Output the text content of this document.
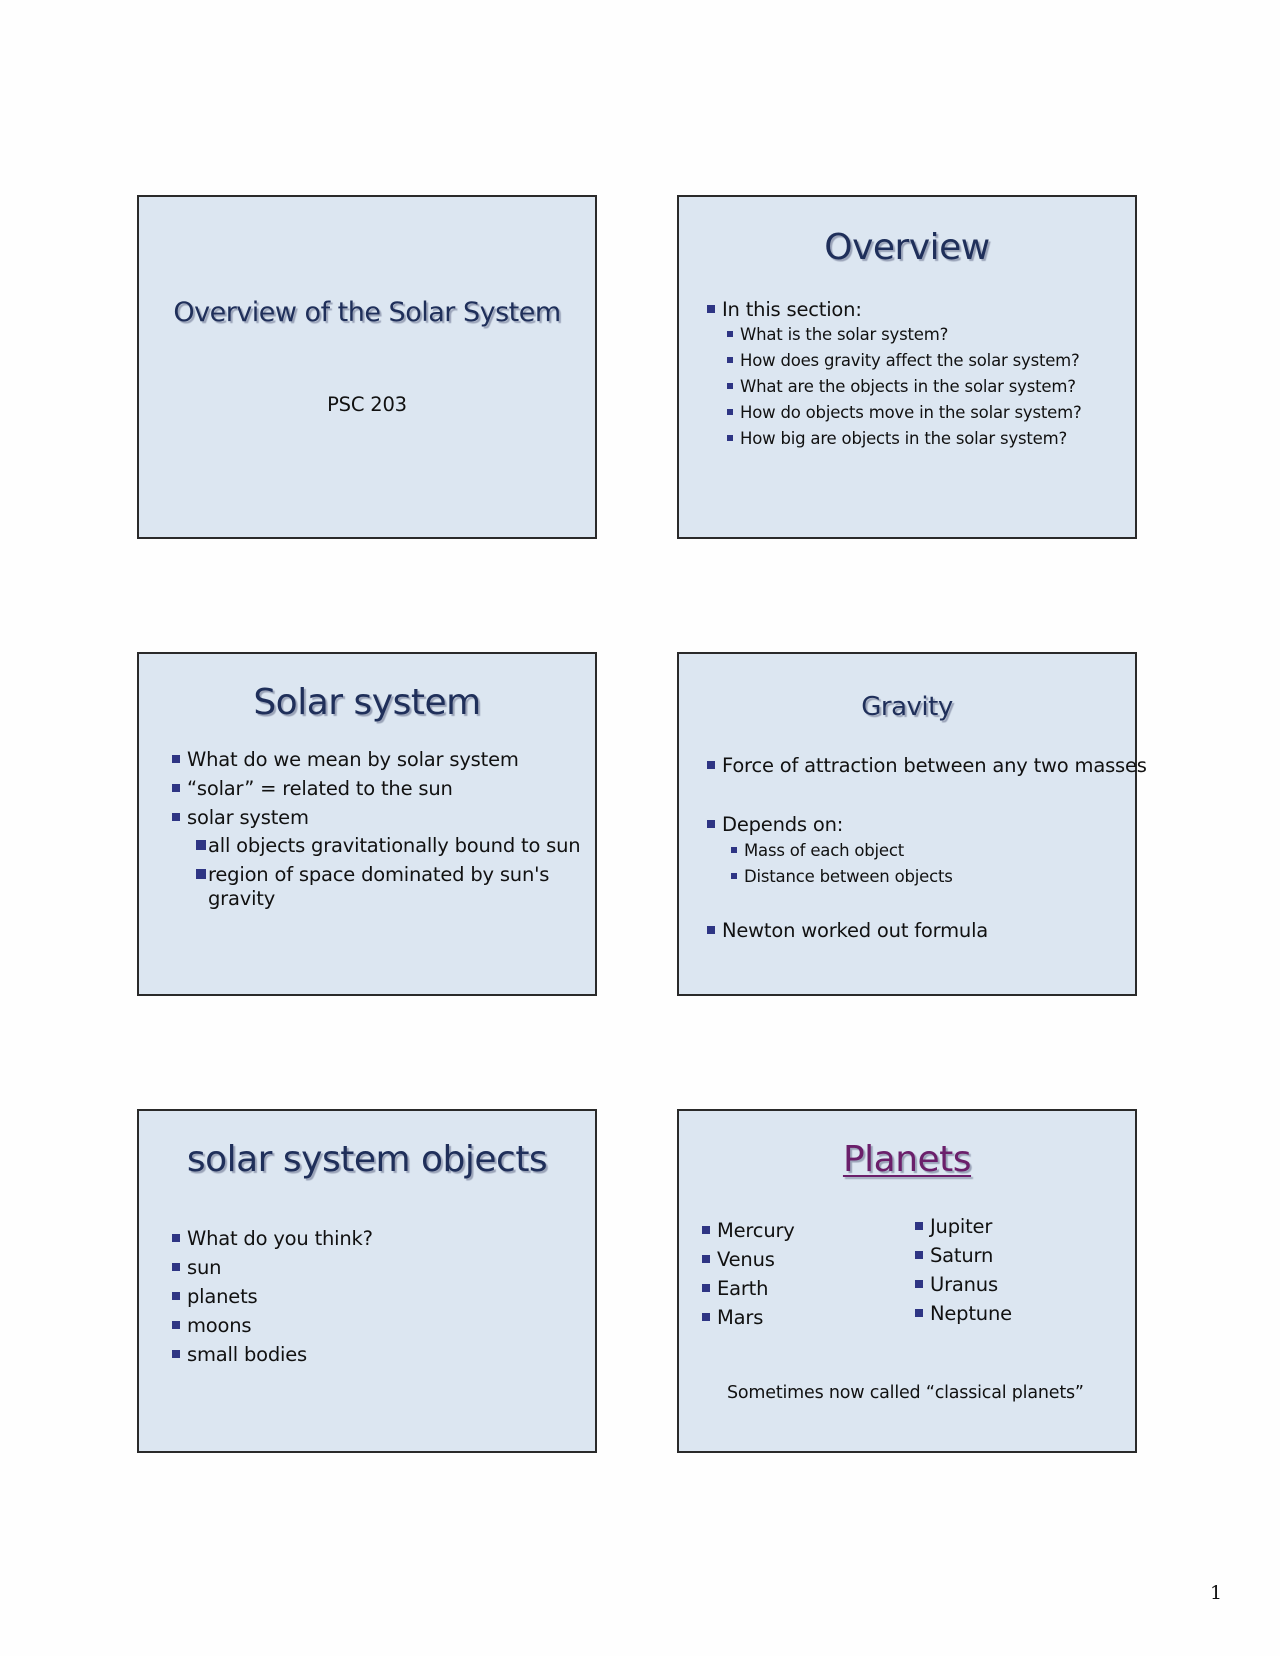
Overview of the Solar System
PSC 203
Overview
In this section:
What is the solar system?
How does gravity affect the solar system?
What are the objects in the solar system?
How do objects move in the solar system?
How big are objects in the solar system?
Solar system
What do we mean by solar system
“solar” = related to the sun
solar system
all objects gravitationally bound to sun
region of space dominated by sun's
gravity
Gravity
Force of attraction between any two masses
Depends on:
Mass of each object
Distance between objects
Newton worked out formula
solar system objects
What do you think?
sun
planets
moons
small bodies
Planets
Mercury
Venus
Earth
Mars
Jupiter
Saturn
Uranus
Neptune
Sometimes now called “classical planets”
1
